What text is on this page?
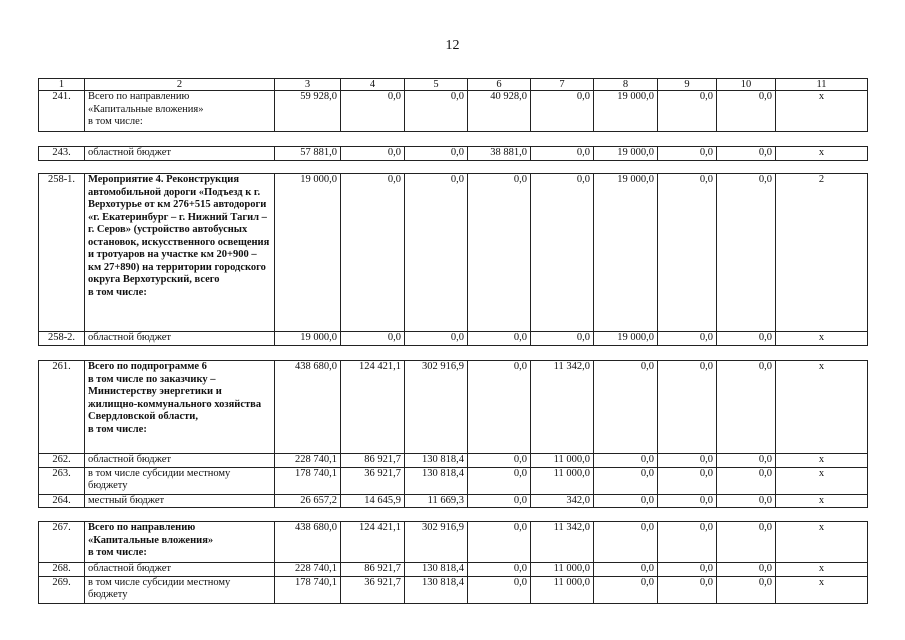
12
1	2	3	4	5	6	7	8	9	10	11
241.	Всего по направлению
«Капитальные вложения»
в том числе:	59 928,0	0,0	0,0	40 928,0	0,0	19 000,0	0,0	0,0	х
243.	областной бюджет	57 881,0	0,0	0,0	38 881,0	0,0	19 000,0	0,0	0,0	х
258-1.	Мероприятие 4. Реконструкция автомобильной дороги «Подъезд к г. Верхотурье от км 276+515 автодороги «г. Екатеринбург – г. Нижний Тагил – г. Серов» (устройство автобусных остановок, искусственного освещения и тротуаров на участке км 20+900 – км 27+890) на территории городского округа Верхотурский, всего
в том числе:	19 000,0	0,0	0,0	0,0	0,0	19 000,0	0,0	0,0	2
258-2.	областной бюджет	19 000,0	0,0	0,0	0,0	0,0	19 000,0	0,0	0,0	х
261.	Всего по подпрограмме 6
в том числе по заказчику – Министерству энергетики и жилищно-коммунального хозяйства Свердловской области,
в том числе:	438 680,0	124 421,1	302 916,9	0,0	11 342,0	0,0	0,0	0,0	х
262.	областной бюджет	228 740,1	86 921,7	130 818,4	0,0	11 000,0	0,0	0,0	0,0	х
263.	в том числе субсидии местному бюджету	178 740,1	36 921,7	130 818,4	0,0	11 000,0	0,0	0,0	0,0	х
264.	местный бюджет	26 657,2	14 645,9	11 669,3	0,0	342,0	0,0	0,0	0,0	х
267.	Всего по направлению
«Капитальные вложения»
в том числе:	438 680,0	124 421,1	302 916,9	0,0	11 342,0	0,0	0,0	0,0	х
268.	областной бюджет	228 740,1	86 921,7	130 818,4	0,0	11 000,0	0,0	0,0	0,0	х
269.	в том числе субсидии местному бюджету	178 740,1	36 921,7	130 818,4	0,0	11 000,0	0,0	0,0	0,0	х
